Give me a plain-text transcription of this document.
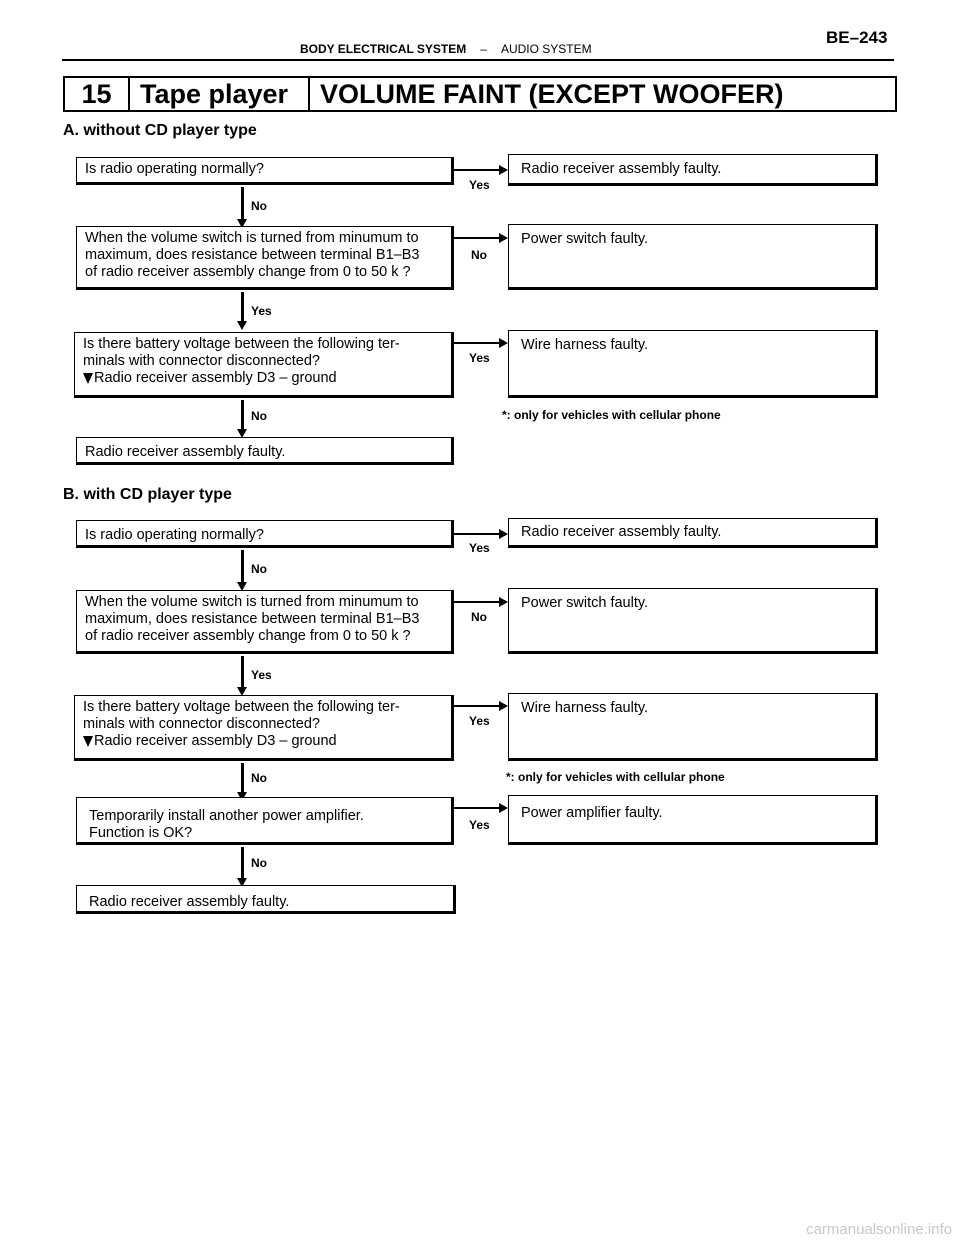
BODY ELECTRICAL SYSTEM – AUDIO SYSTEM
BE–243
15	Tape player	VOLUME FAINT (EXCEPT WOOFER)
A. without CD player type
Is radio operating normally?	Radio receiver assembly faulty.
Yes
No
When the volume switch is turned from minumum to
maximum, does resistance between terminal B1–B3
of radio receiver assembly change from 0 to 50 k ?
Power switch faulty.
No
Yes
Is there battery voltage between the following ter-
minals with connector disconnected?
Radio receiver assembly D3 – ground
Wire harness faulty.
Yes
*: only for vehicles with cellular phone
No
Radio receiver assembly faulty.
B. with CD player type
Is radio operating normally?	Radio receiver assembly faulty.
Yes
No
When the volume switch is turned from minumum to
maximum, does resistance between terminal B1–B3
of radio receiver assembly change from 0 to 50 k ?
Power switch faulty.
No
Yes
Is there battery voltage between the following ter-
minals with connector disconnected?
Radio receiver assembly D3 – ground
Wire harness faulty.
Yes
*: only for vehicles with cellular phone
No
Temporarily install another power amplifier.
Function is OK?
Power amplifier faulty.
Yes
No
Radio receiver assembly faulty.
carmanualsonline.info
